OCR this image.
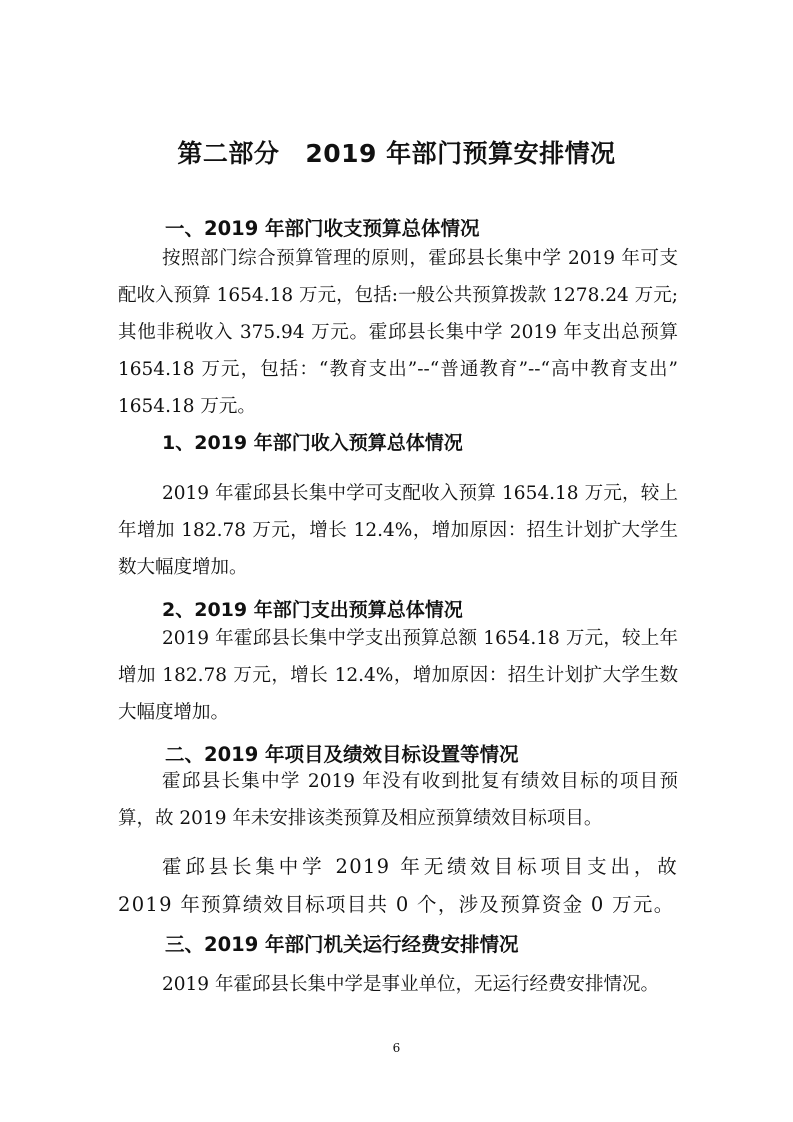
第二部分 2019 年部门预算安排情况
一、2019 年部门收支预算总体情况
按照部门综合预算管理的原则，霍邱县长集中学 2019 年可支配收入预算 1654.18 万元，包括:一般公共预算拨款 1278.24 万元;其他非税收入 375.94 万元。霍邱县长集中学 2019 年支出总预算 1654.18 万元，包括：“教育支出”--“普通教育”--“高中教育支出” 1654.18 万元。
1、2019 年部门收入预算总体情况
2019 年霍邱县长集中学可支配收入预算 1654.18 万元，较上年增加 182.78 万元，增长 12.4%，增加原因：招生计划扩大学生数大幅度增加。
2、2019 年部门支出预算总体情况
2019 年霍邱县长集中学支出预算总额 1654.18 万元，较上年增加 182.78 万元，增长 12.4%，增加原因：招生计划扩大学生数大幅度增加。
二、2019 年项目及绩效目标设置等情况
霍邱县长集中学 2019 年没有收到批复有绩效目标的项目预算，故 2019 年未安排该类预算及相应预算绩效目标项目。
霍邱县长集中学 2019 年无绩效目标项目支出，故 2019 年预算绩效目标项目共 0 个，涉及预算资金 0 万元。
三、2019 年部门机关运行经费安排情况
2019 年霍邱县长集中学是事业单位，无运行经费安排情况。
6
